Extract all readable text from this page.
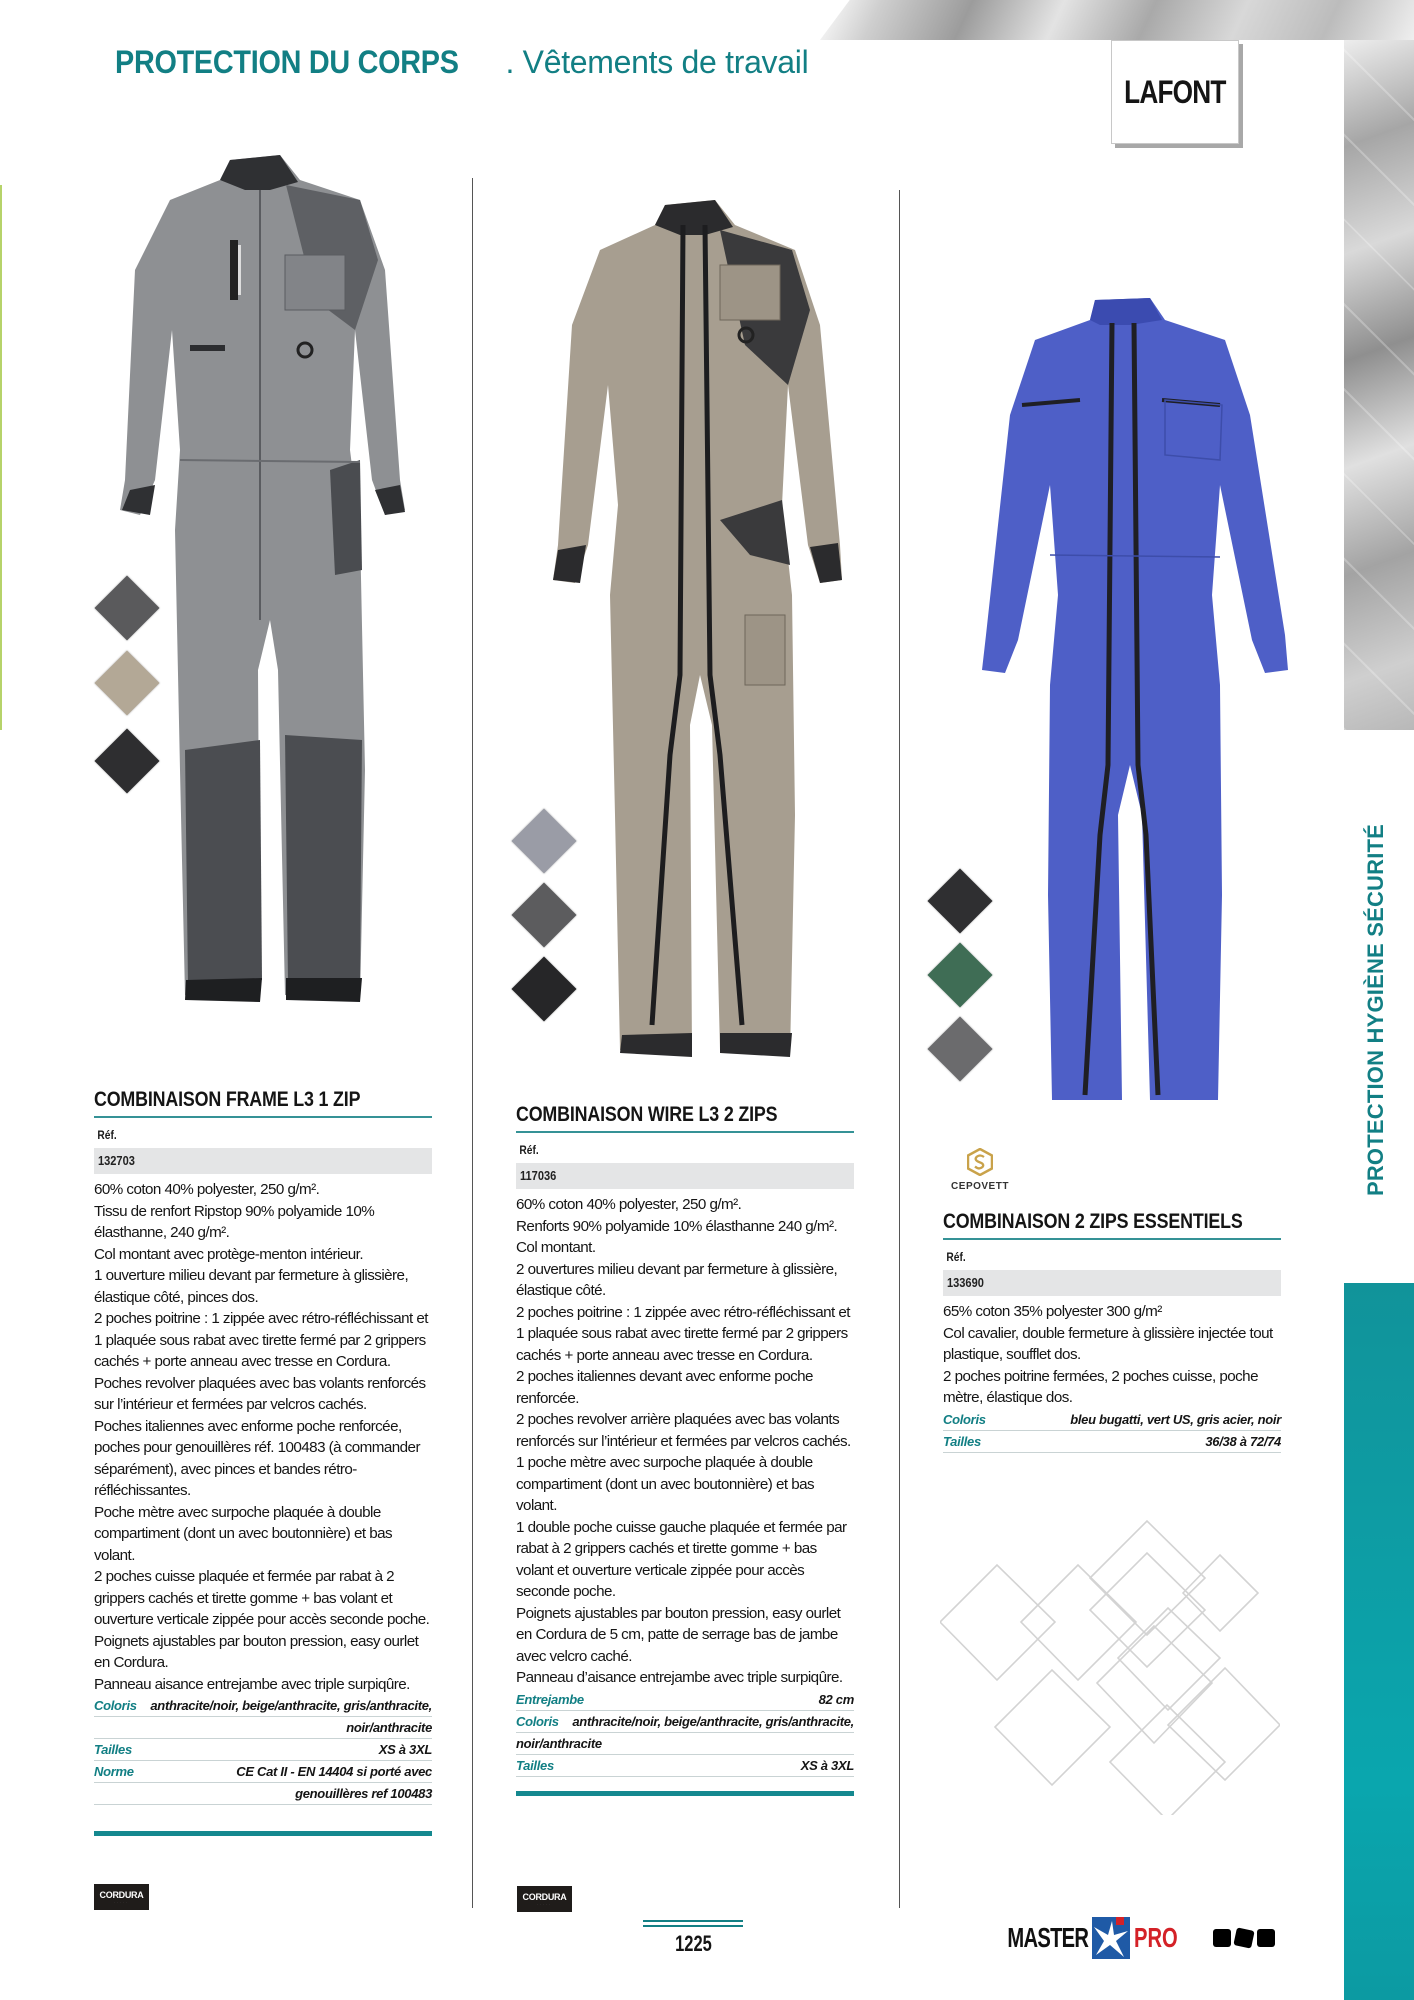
PROTECTION DU CORPS . Vêtements de travail
LAFONT
PROTECTION HYGIÈNE SÉCURITÉ
COMBINAISON FRAME L3 1 ZIP
Réf.
132703

60% coton 40% polyester, 250 g/m².

Tissu de renfort Ripstop 90% polyamide 10% élasthanne, 240 g/m².

Col montant avec protège-menton intérieur.

1 ouverture milieu devant par fermeture à glissière, élastique côté, pinces dos.

2 poches poitrine : 1 zippée avec rétro-réfléchissant et 1 plaquée sous rabat avec tirette fermé par 2 grippers cachés + porte anneau avec tresse en Cordura.

Poches revolver plaquées avec bas volants renforcés sur l’intérieur et fermées par velcros cachés.

Poches italiennes avec enforme poche renforcée, poches pour genouillères réf. 100483 (à commander séparément), avec pinces et bandes rétro-réfléchissantes.

Poche mètre avec surpoche plaquée à double compartiment (dont un avec boutonnière) et bas volant.

2 poches cuisse plaquée et fermée par rabat à 2 grippers cachés et tirette gomme + bas volant et ouverture verticale zippée pour accès seconde poche.

Poignets ajustables par bouton pression, easy ourlet en Cordura.

Panneau aisance entrejambe avec triple surpiqûre.

Coloris anthracite/noir, beige/anthracite, gris/anthracite,
noir/anthracite
Tailles	XS à 3XL
Norme	CE Cat II - EN 14404 si porté avec
genouillères ref 100483
COMBINAISON WIRE L3 2 ZIPS
Réf.
117036

60% coton 40% polyester, 250 g/m².

Renforts 90% polyamide 10% élasthanne 240 g/m².

Col montant.

2 ouvertures milieu devant par fermeture à glissière, élastique côté.

2 poches poitrine : 1 zippée avec rétro-réfléchissant et 1 plaquée sous rabat avec tirette fermé par 2 grippers cachés + porte anneau avec tresse en Cordura.

2 poches italiennes devant avec enforme poche renforcée.

2 poches revolver arrière plaquées avec bas volants renforcés sur l’intérieur et fermées par velcros cachés.

1 poche mètre avec surpoche plaquée à double compartiment (dont un avec boutonnière) et bas volant.

1 double poche cuisse gauche plaquée et fermée par rabat à 2 grippers cachés et tirette gomme + bas volant et ouverture verticale zippée pour accès seconde poche.

Poignets ajustables par bouton pression, easy ourlet en Cordura de 5 cm, patte de serrage bas de jambe avec velcro caché.

Panneau d’aisance entrejambe avec triple surpiqûre.

Entrejambe	82 cm
Coloris anthracite/noir, beige/anthracite, gris/anthracite,
noir/anthracite
Tailles	XS à 3XL
CEPOVETT
COMBINAISON 2 ZIPS ESSENTIELS
Réf.
133690

65% coton 35% polyester 300 g/m²

Col cavalier, double fermeture à glissière injectée tout plastique, soufflet dos.

2 poches poitrine fermées, 2 poches cuisse, poche mètre, élastique dos.

Coloris	bleu bugatti, vert US, gris acier, noir
Tailles	36/38 à 72/74
CORDURA
·····	CORDURA
·····
1225	MASTER PRO
